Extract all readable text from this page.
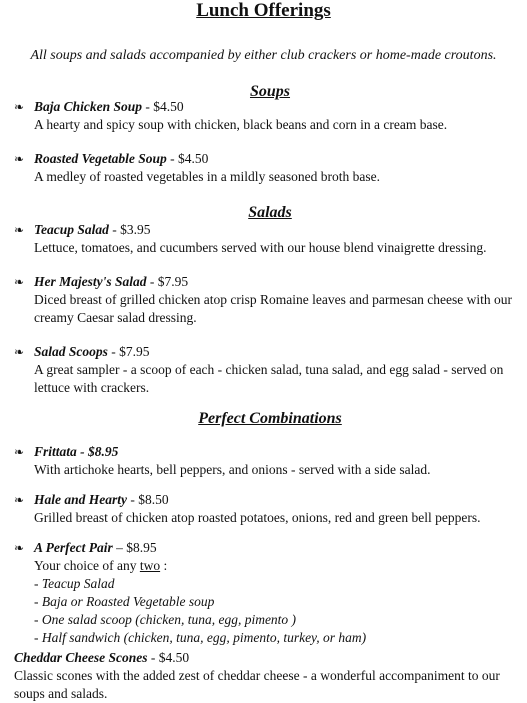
Lunch Offerings
All soups and salads accompanied by either club crackers or home-made croutons.
Soups
❧ Baja Chicken Soup - $4.50
A hearty and spicy soup with chicken, black beans and corn in a cream base.
❧ Roasted Vegetable Soup - $4.50
A medley of roasted vegetables in a mildly seasoned broth base.
Salads
❧ Teacup Salad - $3.95
Lettuce, tomatoes, and cucumbers served with our house blend vinaigrette dressing.
❧ Her Majesty's Salad - $7.95
Diced breast of grilled chicken atop crisp Romaine leaves and parmesan cheese with our
creamy Caesar salad dressing.
❧ Salad Scoops - $7.95
A great sampler - a scoop of each - chicken salad, tuna salad, and egg salad - served on
lettuce with crackers.
Perfect Combinations
❧ Frittata - $8.95
With artichoke hearts, bell peppers, and onions - served with a side salad.
❧ Hale and Hearty - $8.50
Grilled breast of chicken atop roasted potatoes, onions, red and green bell peppers.
❧ A Perfect Pair – $8.95
Your choice of any two :
- Teacup Salad
- Baja or Roasted Vegetable soup
- One salad scoop (chicken, tuna, egg, pimento )
- Half sandwich (chicken, tuna, egg, pimento, turkey, or ham)
Cheddar Cheese Scones - $4.50
Classic scones with the added zest of cheddar cheese - a wonderful accompaniment to our
soups and salads.
